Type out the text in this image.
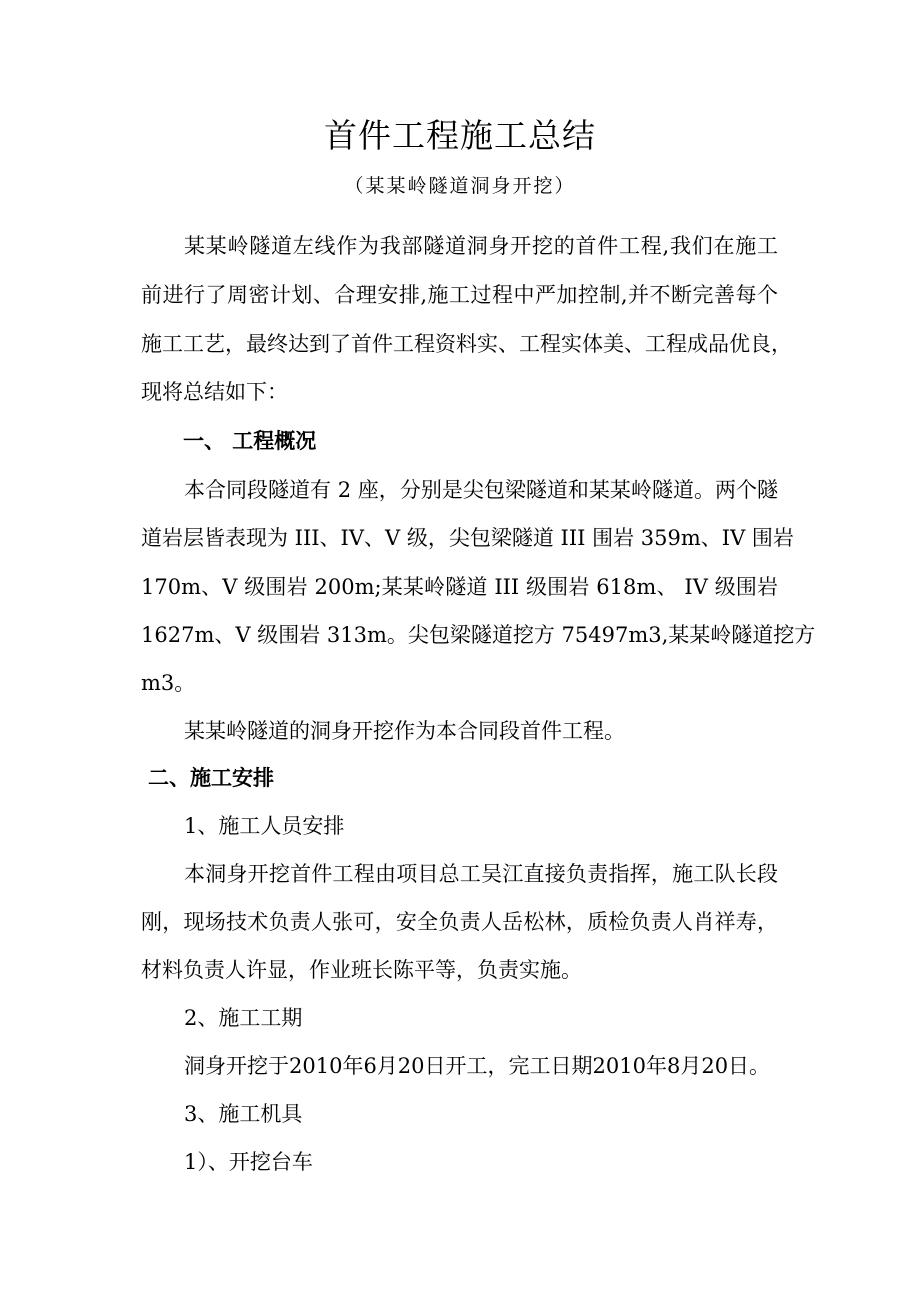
首件工程施工总结
（某某岭隧道洞身开挖）
某某岭隧道左线作为我部隧道洞身开挖的首件工程,我们在施工
前进行了周密计划、合理安排,施工过程中严加控制,并不断完善每个
施工工艺，最终达到了首件工程资料实、工程实体美、工程成品优良，
现将总结如下：
一、 工程概况
本合同段隧道有 2 座，分别是尖包梁隧道和某某岭隧道。两个隧
道岩层皆表现为 III、IV、V 级，尖包梁隧道 III 围岩 359m、IV 围岩
170m、V 级围岩 200m;某某岭隧道 III 级围岩 618m、 IV 级围岩
1627m、V 级围岩 313m。尖包梁隧道挖方 75497m3,某某岭隧道挖方
m3。
某某岭隧道的洞身开挖作为本合同段首件工程。
二、施工安排
1、施工人员安排
本洞身开挖首件工程由项目总工吴江直接负责指挥，施工队长段
刚，现场技术负责人张可，安全负责人岳松林，质检负责人肖祥寿，
材料负责人许显，作业班长陈平等，负责实施。
2、施工工期
洞身开挖于2010年6月20日开工，完工日期2010年8月20日。
3、施工机具
1）、开挖台车
